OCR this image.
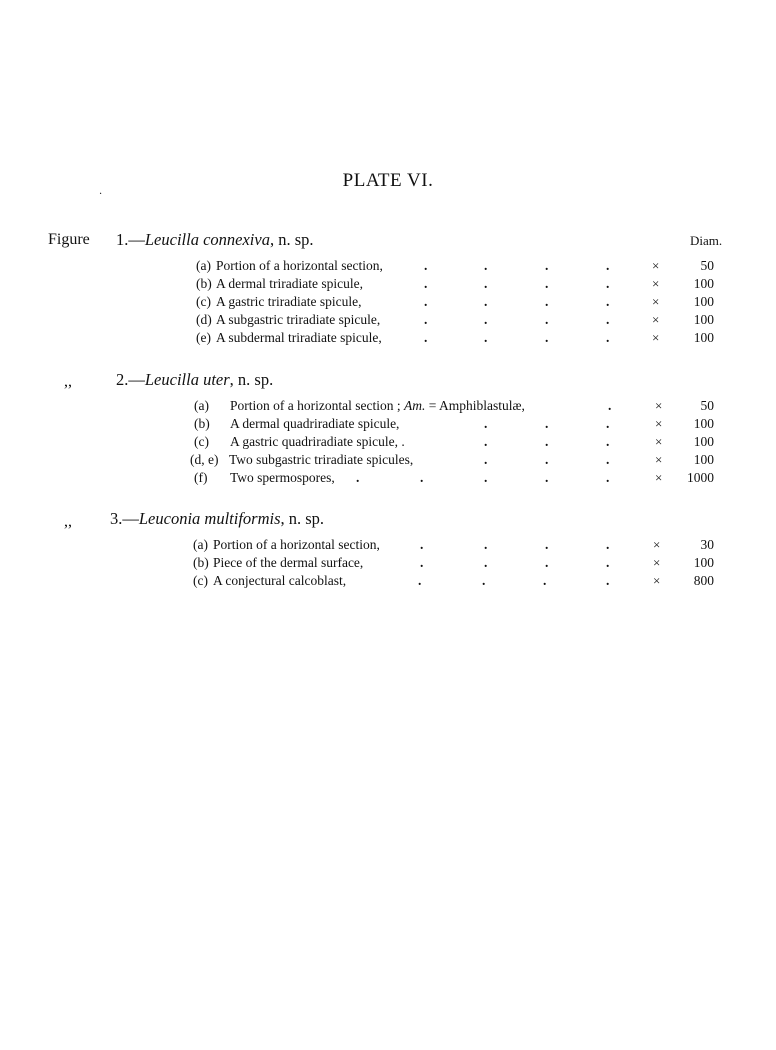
PLATE VI.
.
Figure 1.—Leucilla connexiva, n. sp.	Diam.
(a) Portion of a horizontal section,	.	.	.	.	×	50
(b) A dermal triradiate spicule,	.	.	.	.	×	100
(c) A gastric triradiate spicule,	.	.	.	.	×	100
(d) A subgastric triradiate spicule,	.	.	.	.	×	100
(e) A subdermal triradiate spicule,	.	.	.	.	×	100
,,	2.—Leucilla uter, n. sp.
(a) Portion of a horizontal section ; Am. = Amphiblastulæ,	.	×	50
(b) A dermal quadriradiate spicule,	.	.	.	× 100
(c) A gastric quadriradiate spicule, .	.	.	.	× 100
(d, e) Two subgastric triradiate spicules,	.	.	.	× 100
(f) Two spermospores, .	.	.	.	.	× 1000
,, 3.—Leuconia multiformis, n. sp.
(a) Portion of a horizontal section,	.	.	.	.	×	30
(b) Piece of the dermal surface,	.	.	.	.	× 100
(c) A conjectural calcoblast,	.	.	.	.	× 800
